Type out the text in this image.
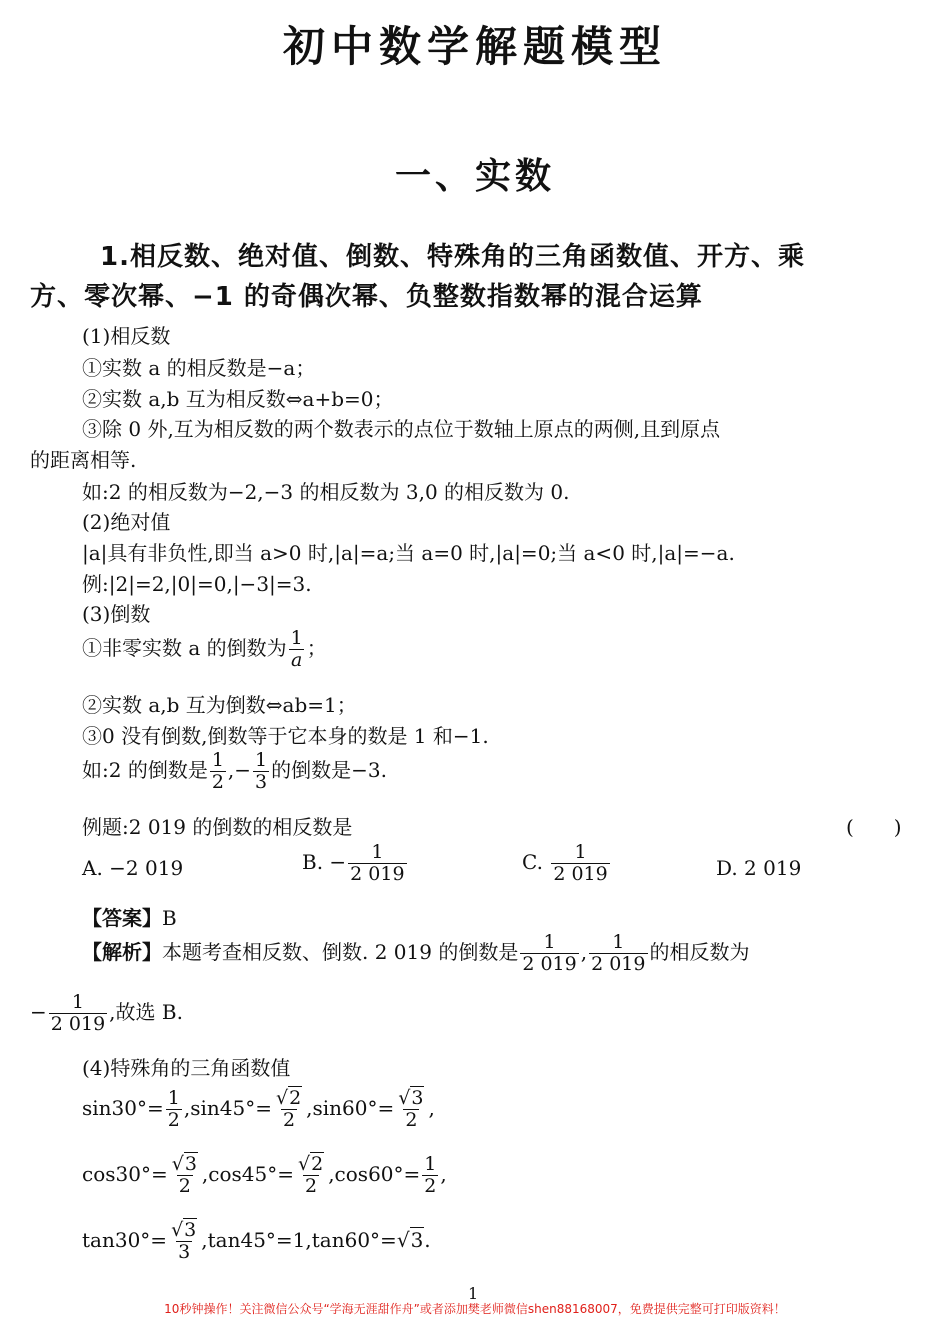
初中数学解题模型
一、实数
1.相反数、绝对值、倒数、特殊角的三角函数值、开方、乘
方、零次幂、−1 的奇偶次幂、负整数指数幂的混合运算
(1)相反数
①实数 a 的相反数是−a；
②实数 a,b 互为相反数⇔a+b=0；
③除 0 外,互为相反数的两个数表示的点位于数轴上原点的两侧,且到原点
的距离相等.
如:2 的相反数为−2,−3 的相反数为 3,0 的相反数为 0.
(2)绝对值
|a|具有非负性,即当 a>0 时,|a|=a;当 a=0 时,|a|=0;当 a<0 时,|a|=−a.
例:|2|=2,|0|=0,|−3|=3.
(3)倒数
①非零实数 a 的倒数为 $\frac{1}{a}$ ；
②实数 a,b 互为倒数⇔ab=1；
③0 没有倒数,倒数等于它本身的数是 1 和−1.
如:2 的倒数是 $\frac{1}{2}$ ,− $\frac{1}{3}$ 的倒数是−3.
例题:2 019 的倒数的相反数是	(　　)
A. −2 019	B. − $\frac{1}{2 019}$	C. $\frac{1}{2 019}$	D. 2 019
【答案】B
【解析】本题考查相反数、倒数. 2 019 的倒数是 $\frac{1}{2 019}$ , $\frac{1}{2 019}$ 的相反数为
− $\frac{1}{2 019}$ ,故选 B.
(4)特殊角的三角函数值
$\sin 30^\circ= \frac{1}{2} ,\sin 45^\circ= \frac{√2}{2} ,\sin 60^\circ= \frac{√3}{2}$ ,
$\cos 30^\circ= \frac{√3}{2} ,\cos 45^\circ= \frac{√2}{2} ,\cos 60^\circ= \frac{1}{2}$ ,
$\tan 30^\circ= \frac{√3}{3} ,\tan 45^\circ=1,\tan 60^\circ=√3$.
1
10秒钟操作！关注微信公众号“学海无涯甜作舟”或者添加樊老师微信shen88168007，免费提供完整可打印版资料！
